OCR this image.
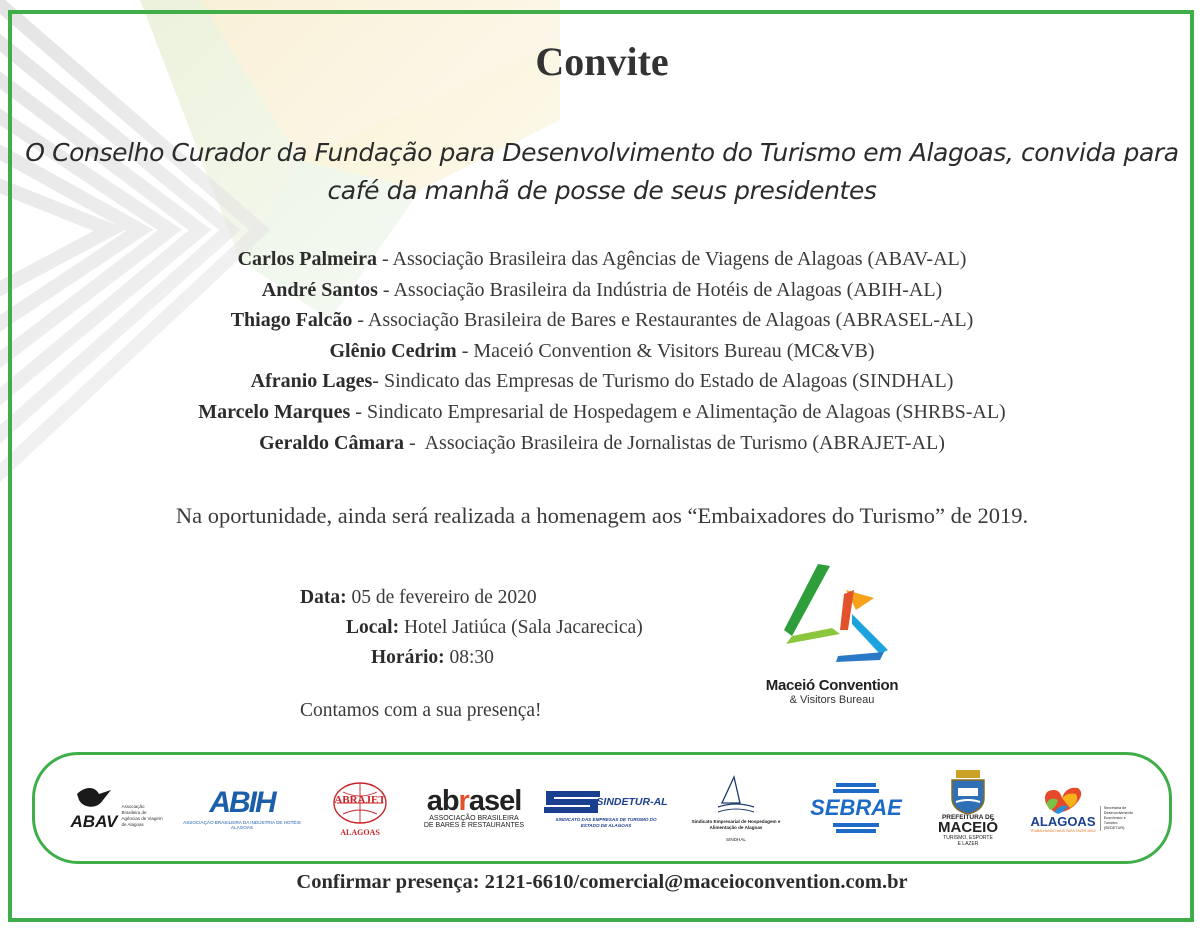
Convite
O Conselho Curador da Fundação para Desenvolvimento do Turismo em Alagoas, convida para
café da manhã de posse de seus presidentes
Carlos Palmeira - Associação Brasileira das Agências de Viagens de Alagoas (ABAV-AL)
André Santos - Associação Brasileira da Indústria de Hotéis de Alagoas (ABIH-AL)
Thiago Falcão - Associação Brasileira de Bares e Restaurantes de Alagoas (ABRASEL-AL)
Glênio Cedrim - Maceió Convention & Visitors Bureau (MC&VB)
Afranio Lages- Sindicato das Empresas de Turismo do Estado de Alagoas (SINDHAL)
Marcelo Marques - Sindicato Empresarial de Hospedagem e Alimentação de Alagoas (SHRBS-AL)
Geraldo Câmara -  Associação Brasileira de Jornalistas de Turismo (ABRAJET-AL)
Na oportunidade, ainda será realizada a homenagem aos “Embaixadores do Turismo” de 2019.
Data: 05 de fevereiro de 2020
Local: Hotel Jatiúca (Sala Jacarecica)
Horário: 08:30
Contamos com a sua presença!
Maceió Convention
& Visitors Bureau
ABAV
Associação Brasileira de Agências de Viagem de Alagoas
ABIH
ASSOCIAÇÃO BRASILEIRA DA INDÚSTRIA DE HOTÉIS
ALAGOAS
ABRAJET
ALAGOAS
abrasel
ASSOCIAÇÃO BRASILEIRA
DE BARES E RESTAURANTES
SINDETUR-AL
SINDICATO DAS EMPRESAS DE TURISMO DO ESTADO DE ALAGOAS
Sindicato Empresarial de Hospedagem e Alimentação de Alagoas
SINDHAL
SEBRAE	PREFEITURA DE
MACEIÓ
TURISMO, ESPORTE
E LAZER
ALAGOAS
TRABALHANDO MAIS PARA FAZER MAIS
Secretaria de Desenvolvimento Econômico e Turismo (SEDETUR)
Confirmar presença: 2121-6610/comercial@maceioconvention.com.br
